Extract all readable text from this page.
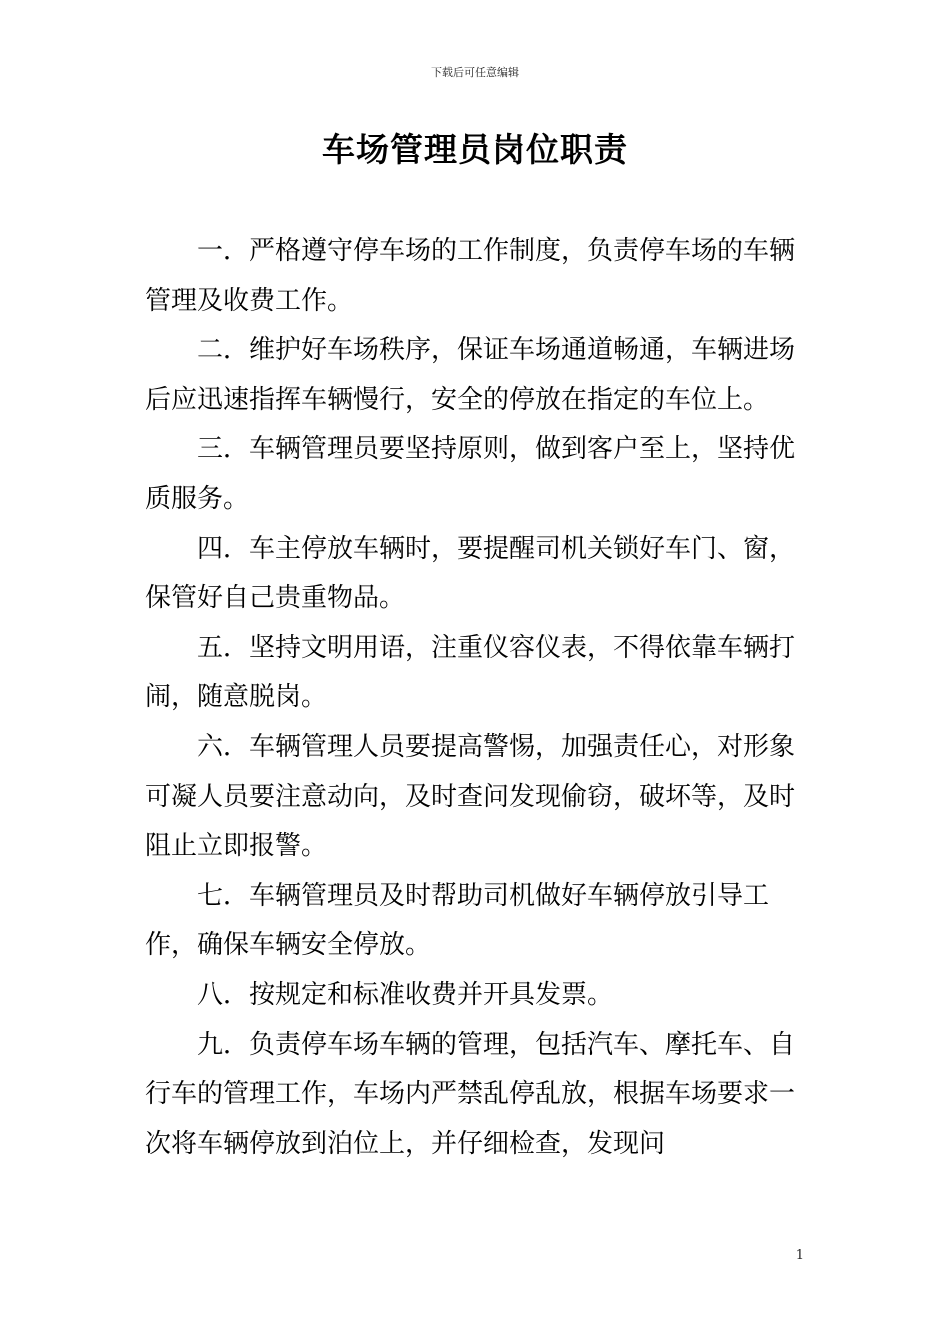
下载后可任意编辑
车场管理员岗位职责

一．严格遵守停车场的工作制度，负责停车场的车辆管理及收费工作。

二．维护好车场秩序，保证车场通道畅通，车辆进场后应迅速指挥车辆慢行，安全的停放在指定的车位上。

三．车辆管理员要坚持原则，做到客户至上，坚持优质服务。

四．车主停放车辆时，要提醒司机关锁好车门、窗，保管好自己贵重物品。

五．坚持文明用语，注重仪容仪表，不得依靠车辆打闹，随意脱岗。

六．车辆管理人员要提高警惕，加强责任心，对形象可凝人员要注意动向，及时查问发现偷窃，破坏等，及时阻止立即报警。

七．车辆管理员及时帮助司机做好车辆停放引导工作，确保车辆安全停放。

八．按规定和标准收费并开具发票。

九．负责停车场车辆的管理，包括汽车、摩托车、自行车的管理工作，车场内严禁乱停乱放，根据车场要求一次将车辆停放到泊位上，并仔细检查，发现问

1
